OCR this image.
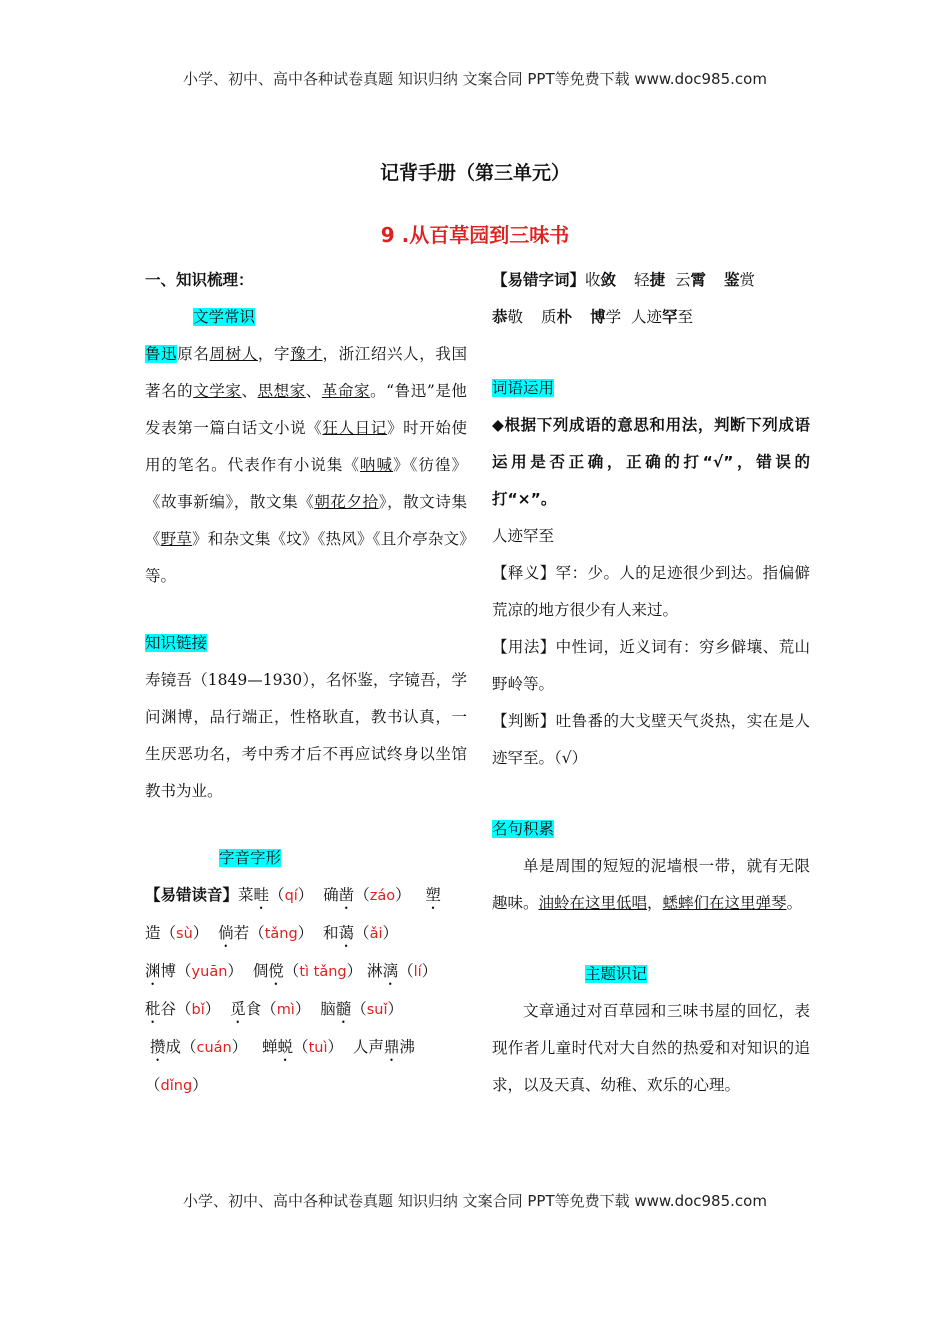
小学、初中、高中各种试卷真题 知识归纳 文案合同 PPT等免费下载 www.doc985.com
记背手册（第三单元）
9 .从百草园到三味书

一、知识梳理：

文学常识

鲁迅原名周树人，字豫才，浙江绍兴人，我国著名的文学家、思想家、革命家。“鲁迅”是他发表第一篇白话文小说《狂人日记》时开始使用的笔名。代表作有小说集《呐喊》《彷徨》《故事新编》，散文集《朝花夕拾》，散文诗集《野草》和杂文集《坟》《热风》《且介亭杂文》等。

知识链接

寿镜吾（1849—1930），名怀鉴，字镜吾，学问渊博，品行端正，性格耿直，教书认真，一生厌恶功名，考中秀才后不再应试终身以坐馆教书为业。

字音字形

【易错读音】菜畦（qí）  确凿（záo）   塑
造（sù）  倘若（tǎng）  和蔼（ǎi）
渊博（yuān）  倜傥（tì tǎng） 淋漓（lí）
秕谷（bǐ）  觅食（mì）  脑髓（suǐ）
攒成（cuán）   蝉蜕（tuì）  人声鼎沸
（dǐng）

【易错字词】收敛 轻捷 云霄 鉴赏
恭敬 质朴 博学 人迹罕至

词语运用

◆根据下列成语的意思和用法，判断下列成语运用是否正确，正确的打“√”，错误的打“×”。

人迹罕至

【释义】罕：少。人的足迹很少到达。指偏僻荒凉的地方很少有人来过。

【用法】中性词，近义词有：穷乡僻壤、荒山野岭等。

【判断】吐鲁番的大戈壁天气炎热，实在是人迹罕至。（√）

名句积累

单是周围的短短的泥墙根一带，就有无限趣味。油蛉在这里低唱，蟋蟀们在这里弹琴。

主题识记

文章通过对百草园和三味书屋的回忆，表现作者儿童时代对大自然的热爱和对知识的追求，以及天真、幼稚、欢乐的心理。

小学、初中、高中各种试卷真题 知识归纳 文案合同 PPT等免费下载 www.doc985.com
